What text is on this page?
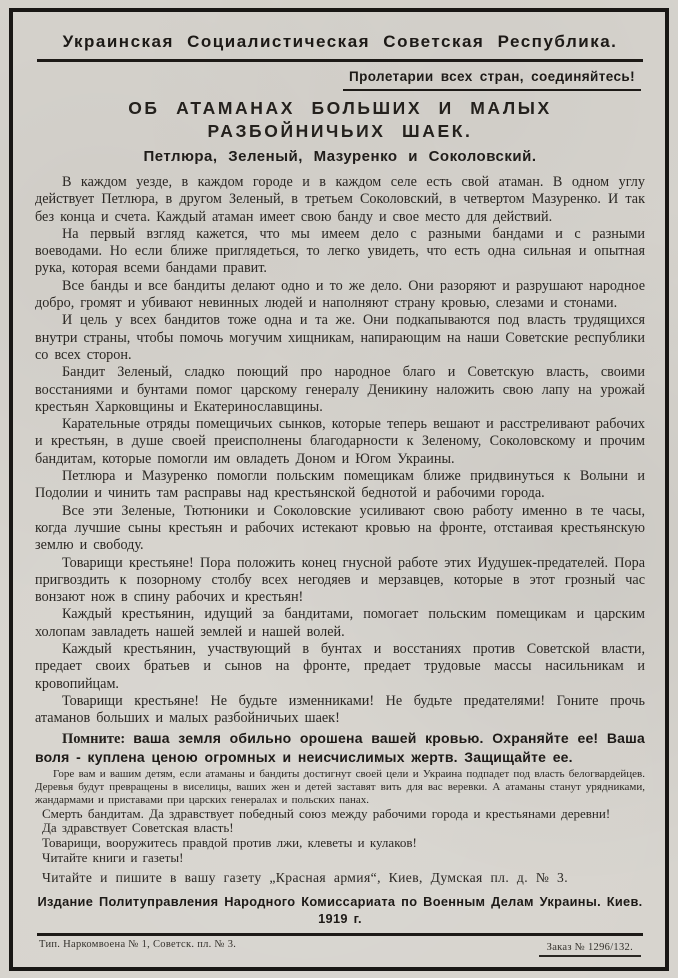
Украинская Социалистическая Советская Республика.
Пролетарии всех стран, соединяйтесь!
ОБ АТАМАНАХ БОЛЬШИХ И МАЛЫХ РАЗБОЙНИЧЬИХ ШАЕК.
Петлюра, Зеленый, Мазуренко и Соколовский.

В каждом уезде, в каждом городе и в каждом селе есть свой атаман. В одном углу действует Петлюра, в другом Зеленый, в третьем Соколовский, в четвертом Мазуренко. И так без конца и счета. Каждый атаман имеет свою банду и свое место для действий.

На первый взгляд кажется, что мы имеем дело с разными бандами и с разными воеводами. Но если ближе приглядеться, то легко увидеть, что есть одна сильная и опытная рука, которая всеми бандами правит.

Все банды и все бандиты делают одно и то же дело. Они разоряют и разрушают народное добро, громят и убивают невинных людей и наполняют страну кровью, слезами и стонами.

И цель у всех бандитов тоже одна и та же. Они подкапываются под власть трудящихся внутри страны, чтобы помочь могучим хищникам, напирающим на наши Советские республики со всех сторон.

Бандит Зеленый, сладко поющий про народное благо и Советскую власть, своими восстаниями и бунтами помог царскому генералу Деникину наложить свою лапу на урожай крестьян Харковщины и Екатеринославщины.

Карательные отряды помещичьих сынков, которые теперь вешают и расстреливают рабочих и крестьян, в душе своей преисполнены благодарности к Зеленому, Соколовскому и прочим бандитам, которые помогли им овладеть Доном и Югом Украины.

Петлюра и Мазуренко помогли польским помещикам ближе придвинуться к Волыни и Подолии и чинить там расправы над крестьянской беднотой и рабочими города.

Все эти Зеленые, Тютюники и Соколовские усиливают свою работу именно в те часы, когда лучшие сыны крестьян и рабочих истекают кровью на фронте, отстаивая крестьянскую землю и свободу.

Товарищи крестьяне! Пора положить конец гнусной работе этих Иудушек-предателей. Пора пригвоздить к позорному столбу всех негодяев и мерзавцев, которые в этот грозный час вонзают нож в спину рабочих и крестьян!

Каждый крестьянин, идущий за бандитами, помогает польским помещикам и царским холопам завладеть нашей землей и нашей волей.

Каждый крестьянин, участвующий в бунтах и восстаниях против Советской власти, предает своих братьев и сынов на фронте, предает трудовые массы насильникам и кровопийцам.

Товарищи крестьяне! Не будьте изменниками! Не будьте предателями! Гоните прочь атаманов больших и малых разбойничьих шаек!

Помните: ваша земля обильно орошена вашей кровью. Охраняйте ее! Ваша воля - куплена ценою огромных и неисчислимых жертв. Защищайте ее.

Горе вам и вашим детям, если атаманы и бандиты достигнут своей цели и Украина подпадет под власть белогвардейцев. Деревья будут превращены в виселицы, ваших жен и детей заставят вить для вас веревки. А атаманы станут урядниками, жандармами и приставами при царских генералах и польских панах.

Смерть бандитам. Да здравствует победный союз между рабочими города и крестьянами деревни!

Да здравствует Советская власть!

Товарищи, вооружитесь правдой против лжи, клеветы и кулаков!

Читайте книги и газеты!

Читайте и пишите в вашу газету „Красная армия“, Киев, Думская пл. д. № 3.

Издание Политуправления Народного Комиссариата по Военным Делам Украины. Киев. 1919 г.
Тип. Наркомвоена № 1, Советск. пл. № 3.	Заказ № 1296/132.
